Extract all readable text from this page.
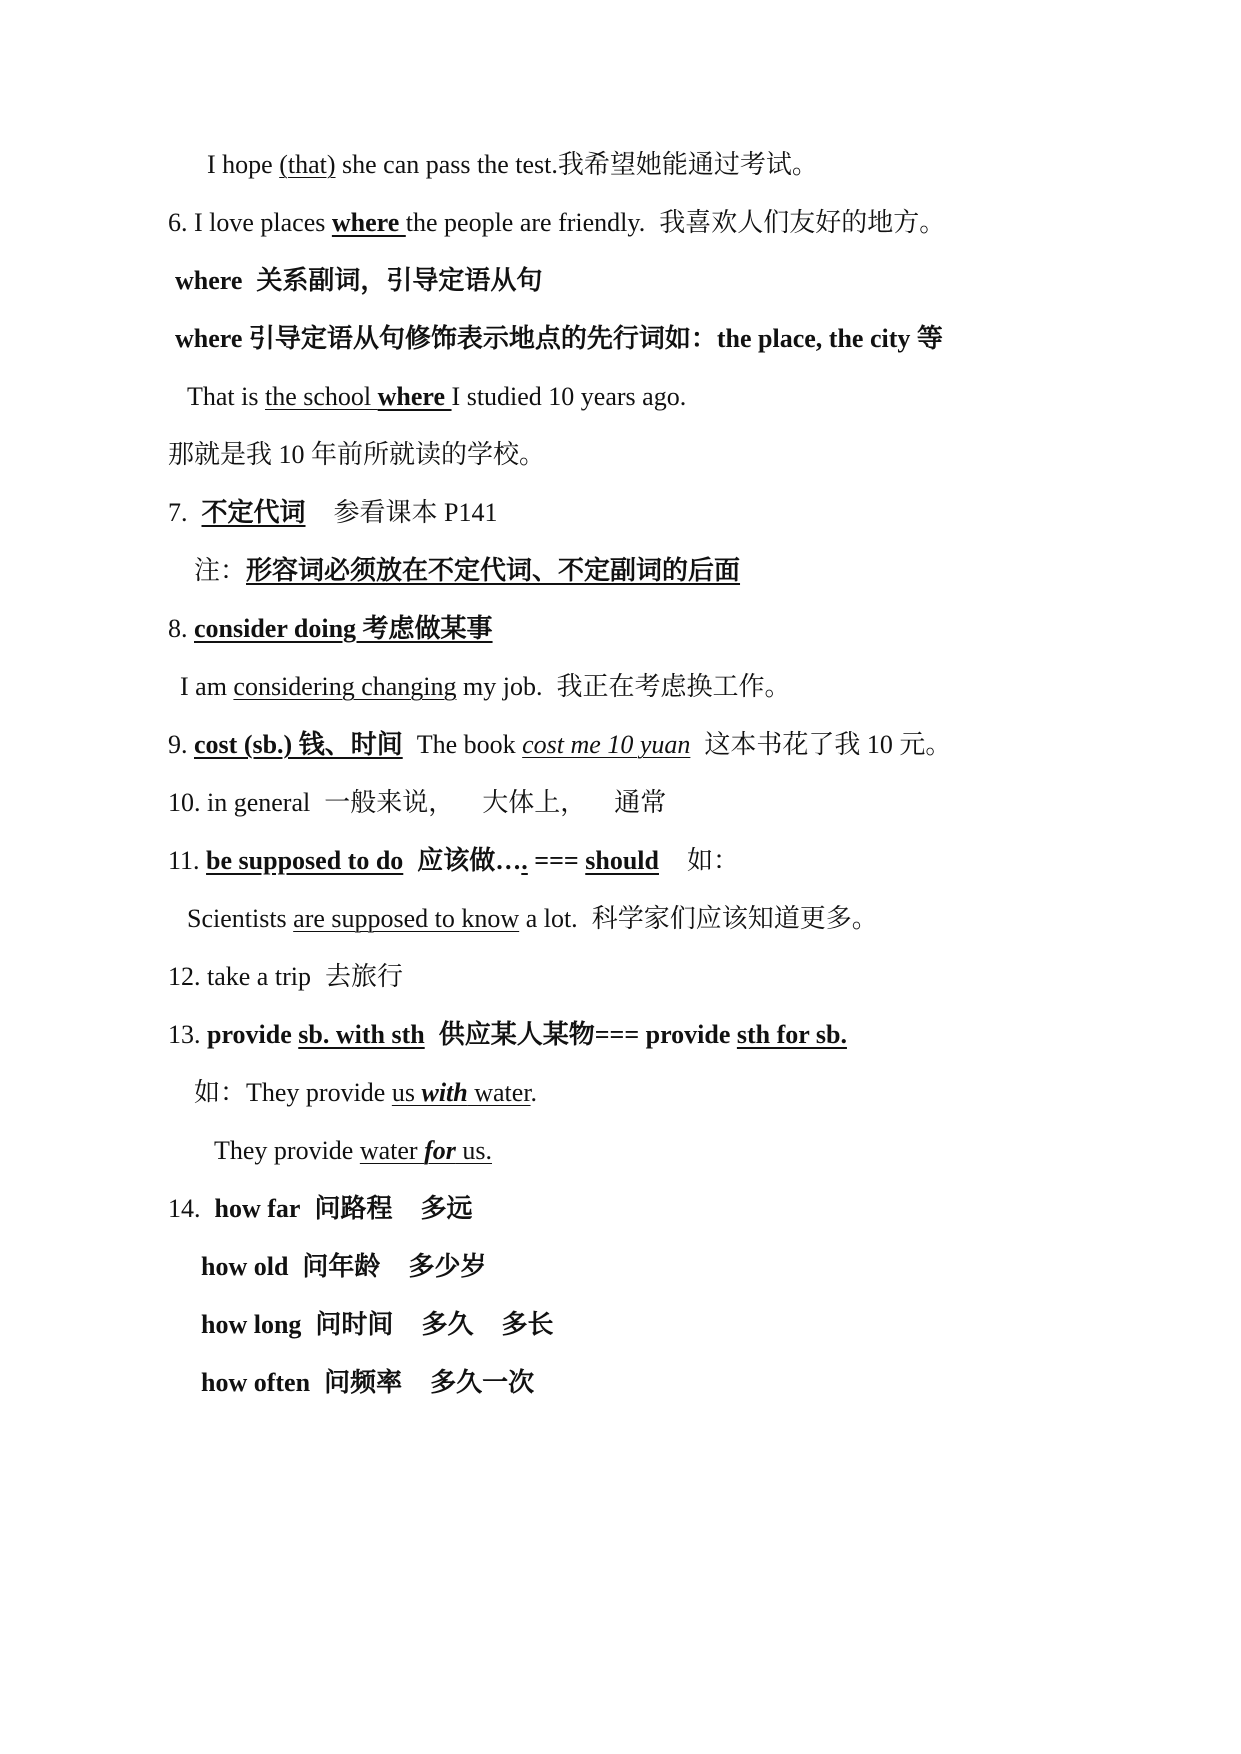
I hope (that) she can pass the test.我希望她能通过考试。
6. I love places where the people are friendly. 我喜欢人们友好的地方。
where 关系副词，引导定语从句
where 引导定语从句修饰表示地点的先行词如：the place, the city 等
That is the school where I studied 10 years ago.
那就是我 10 年前所就读的学校。
7. 不定代词 参看课本 P141
注：形容词必须放在不定代词、不定副词的后面
8. consider doing 考虑做某事
I am considering changing my job. 我正在考虑换工作。
9. cost (sb.) 钱、时间 The book cost me 10 yuan 这本书花了我 10 元。
10. in general 一般来说， 大体上， 通常
11. be supposed to do 应该做…. === should 如：
Scientists are supposed to know a lot. 科学家们应该知道更多。
12. take a trip 去旅行
13. provide sb. with sth 供应某人某物=== provide sth for sb.
如：They provide us with water.
They provide water for us.
14. how far 问路程 多远
how old 问年龄 多少岁
how long 问时间 多久 多长
how often 问频率 多久一次
